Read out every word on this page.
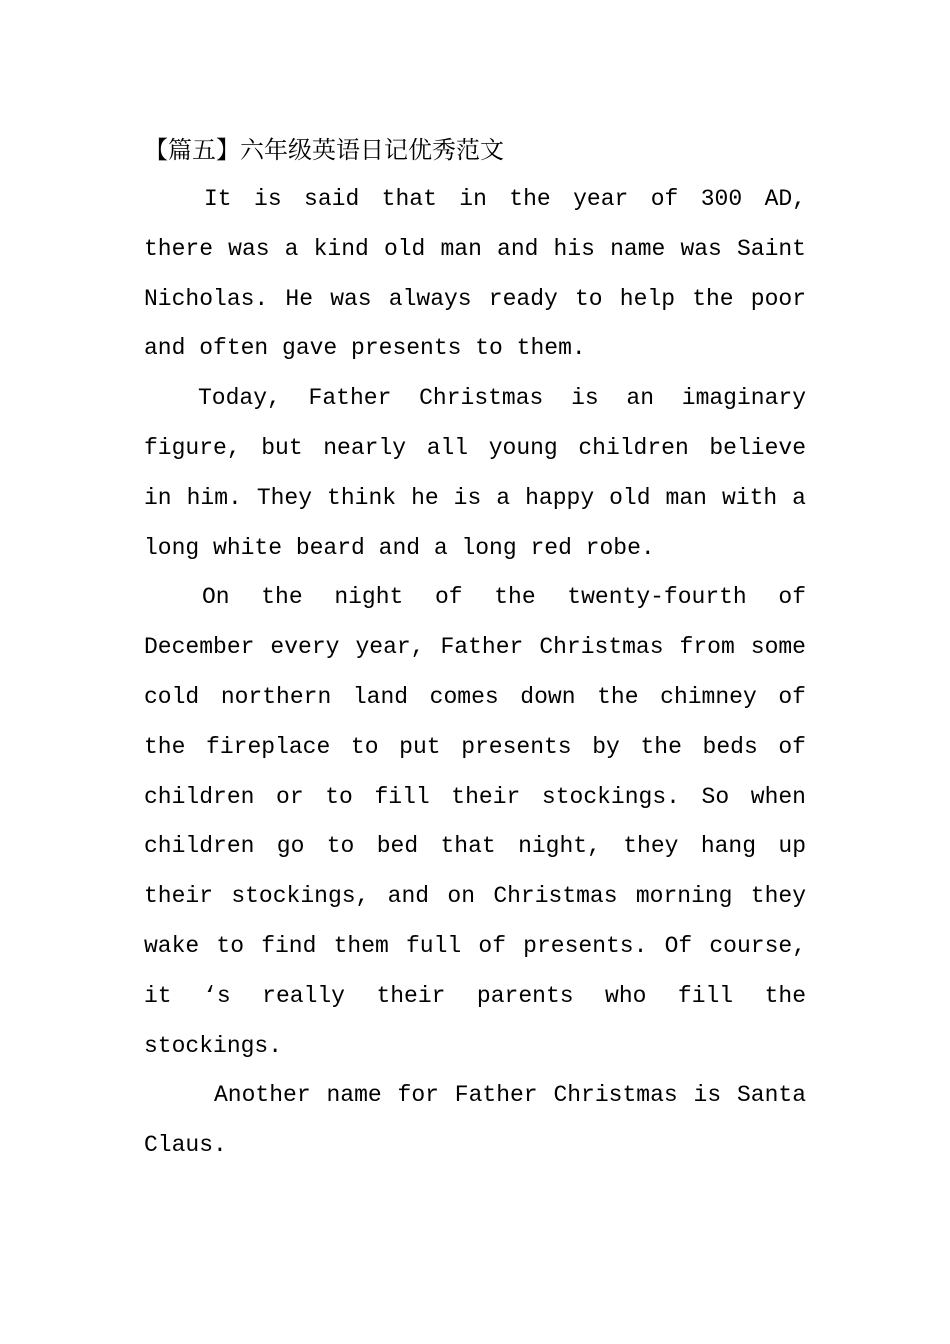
【篇五】六年级英语日记优秀范文

It is said that in the year of 300 AD, there was a kind old man and his name was Saint Nicholas. He was always ready to help the poor and often gave presents to them.

Today, Father Christmas is an imaginary figure, but nearly all young children believe in him. They think he is a happy old man with a long white beard and a long red robe.

On the night of the twenty-fourth of December every year, Father Christmas from some cold northern land comes down the chimney of the fireplace to put presents by the beds of children or to fill their stockings. So when children go to bed that night, they hang up their stockings, and on Christmas morning they wake to find them full of presents. Of course, it ‘s really their parents who fill the stockings.

Another name for Father Christmas is Santa Claus.
